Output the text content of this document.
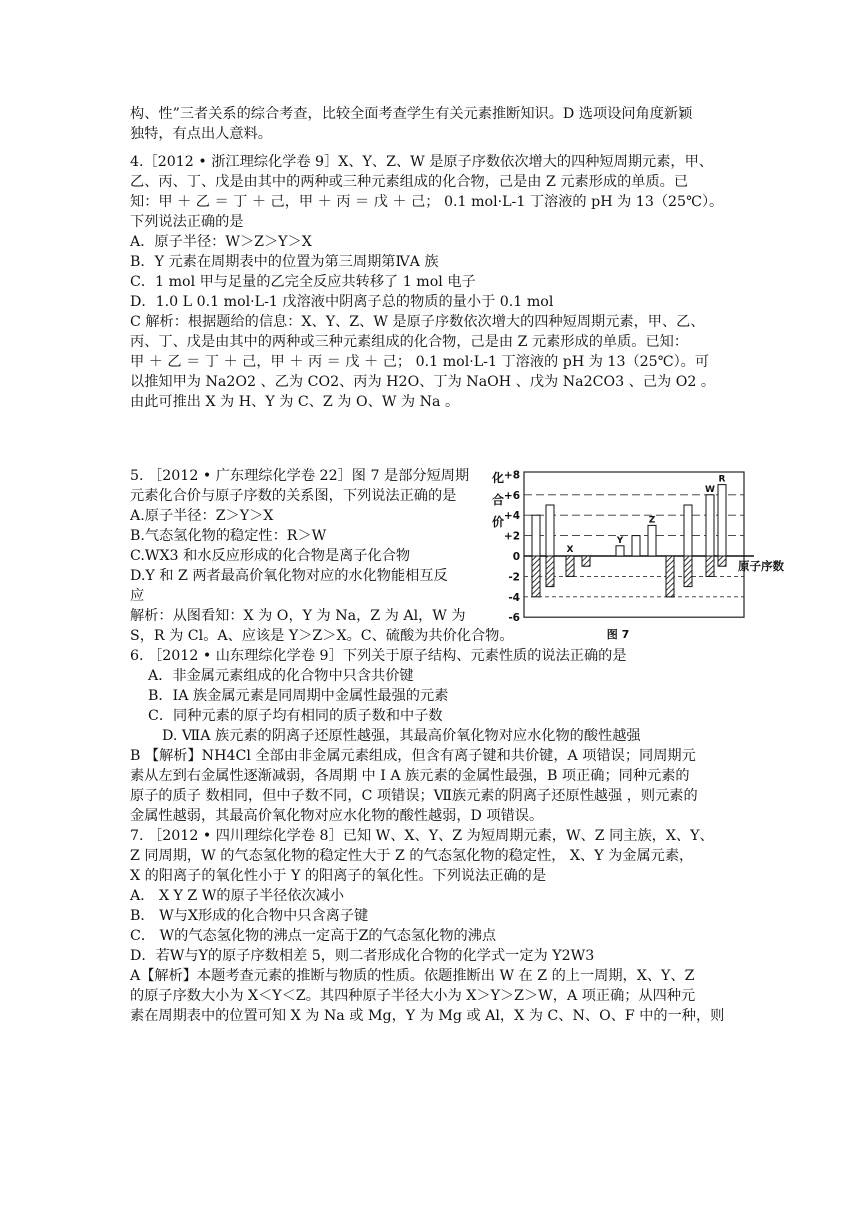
构、性”三者关系的综合考查，比较全面考查学生有关元素推断知识。D 选项设问角度新颖
独特，有点出人意料。
4.［2012 • 浙江理综化学卷 9］X、Y、Z、W 是原子序数依次增大的四种短周期元素，甲、
乙、丙、丁、戊是由其中的两种或三种元素组成的化合物，己是由 Z 元素形成的单质。已
知：甲 ＋ 乙 ＝ 丁 ＋ 己，甲 ＋ 丙 ＝ 戊 ＋ 己； 0.1 mol·L-1 丁溶液的 pH 为 13（25℃）。
下列说法正确的是
A．原子半径：W＞Z＞Y＞X
B．Y 元素在周期表中的位置为第三周期第ⅣA 族
C．1 mol 甲与足量的乙完全反应共转移了 1 mol 电子
D．1.0 L 0.1 mol·L-1 戊溶液中阴离子总的物质的量小于 0.1 mol
C 解析：根据题给的信息：X、Y、Z、W 是原子序数依次增大的四种短周期元素，甲、乙、
丙、丁、戊是由其中的两种或三种元素组成的化合物，己是由 Z 元素形成的单质。已知：
甲 ＋ 乙 ＝ 丁 ＋ 己，甲 ＋ 丙 ＝ 戊 ＋ 己； 0.1 mol·L-1 丁溶液的 pH 为 13（25℃）。可
以推知甲为 Na2O2 、乙为 CO2、丙为 H2O、丁为 NaOH 、戊为 Na2CO3 、己为 O2 。
由此可推出 X 为 H、Y 为 C、Z 为 O、W 为 Na 。
5. ［2012 • 广东理综化学卷 22］图 7 是部分短周期
元素化合价与原子序数的关系图，下列说法正确的是
A.原子半径：Z＞Y＞X
B.气态氢化物的稳定性：R＞W
C.WX3 和水反应形成的化合物是离子化合物
D.Y 和 Z 两者最高价氧化物对应的水化物能相互反
应
解析：从图看知：X 为 O，Y 为 Na，Z 为 Al，W 为
S，R 为 Cl。A、应该是 Y＞Z＞X。C、硫酸为共价化合物。
6. ［2012 • 山东理综化学卷 9］下列关于原子结构、元素性质的说法正确的是
A．非金属元素组成的化合物中只含共价键
B．IA 族金属元素是同周期中金属性最强的元素
C．同种元素的原子均有相同的质子数和中子数
D. ⅦA 族元素的阴离子还原性越强，其最高价氧化物对应水化物的酸性越强
B 【解析】NH4Cl 全部由非金属元素组成，但含有离子键和共价键，A 项错误；同周期元
素从左到右金属性逐渐减弱，各周期 中 I A 族元素的金属性最强，B 项正确；同种元素的
原子的质子 数相同，但中子数不同，C 项错误；Ⅶ族元素的阴离子还原性越强 ，则元素的
金属性越弱，其最高价氧化物对应水化物的酸性越弱，D 项错误。
7. ［2012 • 四川理综化学卷 8］已知 W、X、Y、Z 为短周期元素，W、Z 同主族，X、Y、
Z 同周期，W 的气态氢化物的稳定性大于 Z 的气态氢化物的稳定性， X、Y 为金属元素，
X 的阳离子的氧化性小于 Y 的阳离子的氧化性。下列说法正确的是
A． X Y Z W的原子半径依次减小
B． W与X形成的化合物中只含离子键
C． W的气态氢化物的沸点一定高于Z的气态氢化物的沸点
D．若W与Y的原子序数相差 5，则二者形成化合物的化学式一定为 Y2W3
A【解析】本题考查元素的推断与物质的性质。依题推断出 W 在 Z 的上一周期，X、Y、Z
的原子序数大小为 X＜Y＜Z。其四种原子半径大小为 X＞Y＞Z＞W，A 项正确；从四种元
素在周期表中的位置可知 X 为 Na 或 Mg，Y 为 Mg 或 Al，X 为 C、N、O、F 中的一种，则
+8
+6
+4
+2
0
-2
-4
-6
化
合
价
原子序数
X
Y
Z
W
R
图 7
